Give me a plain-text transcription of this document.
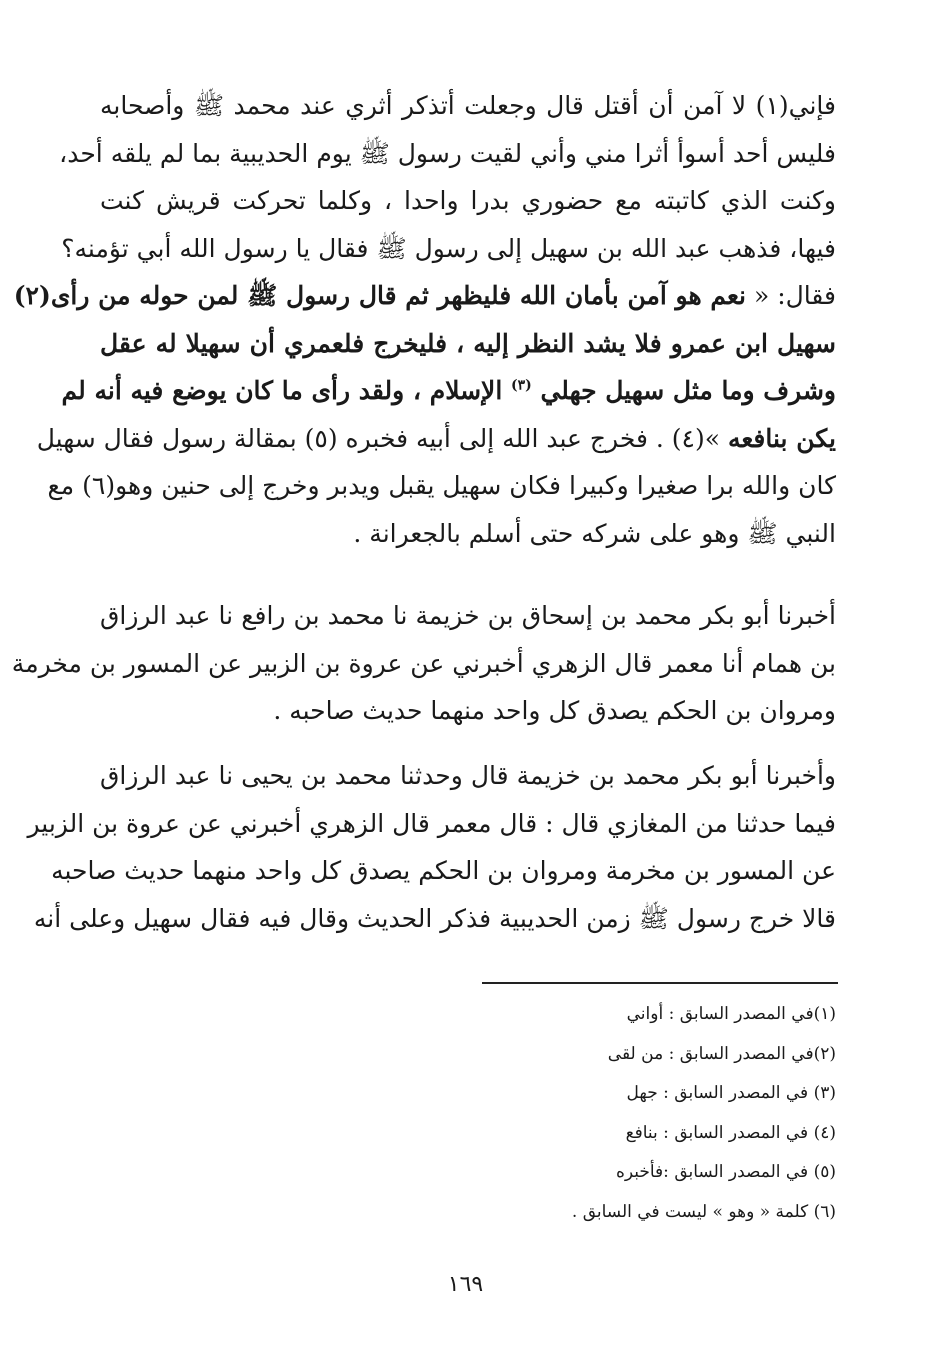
فإني(١) لا آمن أن أقتل قال وجعلت أتذكر أثري عند محمد ﷺ وأصحابه
فليس أحد أسوأ أثرا مني وأني لقيت رسول ﷺ يوم الحديبية بما لم يلقه أحد،
وكنت الذي كاتبته مع حضوري بدرا واحدا ، وكلما تحركت قريش كنت
فيها، فذهب عبد الله بن سهيل إلى رسول ﷺ فقال يا رسول الله أبي تؤمنه؟
فقال: « نعم هو آمن بأمان الله فليظهر ثم قال رسول ﷺ لمن حوله من رأى(٢)
سهيل ابن عمرو فلا يشد النظر إليه ، فليخرج فلعمري أن سهيلا له عقل
وشرف وما مثل سهيل جهلي $^{(٣)}$ الإسلام ، ولقد رأى ما كان يوضع فيه أنه لم
يكن بنافعه »(٤) . فخرج عبد الله إلى أبيه فخبره (٥) بمقالة رسول فقال سهيل
كان والله برا صغيرا وكبيرا فكان سهيل يقبل ويدبر وخرج إلى حنين وهو(٦) مع
النبي ﷺ وهو على شركه حتى أسلم بالجعرانة .
أخبرنا أبو بكر محمد بن إسحاق بن خزيمة نا محمد بن رافع نا عبد الرزاق
بن همام أنا معمر قال الزهري أخبرني عن عروة بن الزبير عن المسور بن مخرمة
ومروان بن الحكم يصدق كل واحد منهما حديث صاحبه .
وأخبرنا أبو بكر محمد بن خزيمة قال وحدثنا محمد بن يحيى نا عبد الرزاق
فيما حدثنا من المغازي قال : قال معمر قال الزهري أخبرني عن عروة بن الزبير
عن المسور بن مخرمة ومروان بن الحكم يصدق كل واحد منهما حديث صاحبه
قالا خرج رسول ﷺ زمن الحديبية فذكر الحديث وقال فيه فقال سهيل وعلى أنه
(١)في المصدر السابق : أواني
(٢)في المصدر السابق : من لقى
(٣) في المصدر السابق : جهل
(٤) في المصدر السابق : بنافع
(٥) في المصدر السابق :فأخبره
(٦) كلمة « وهو » ليست في السابق .
١٦٩
